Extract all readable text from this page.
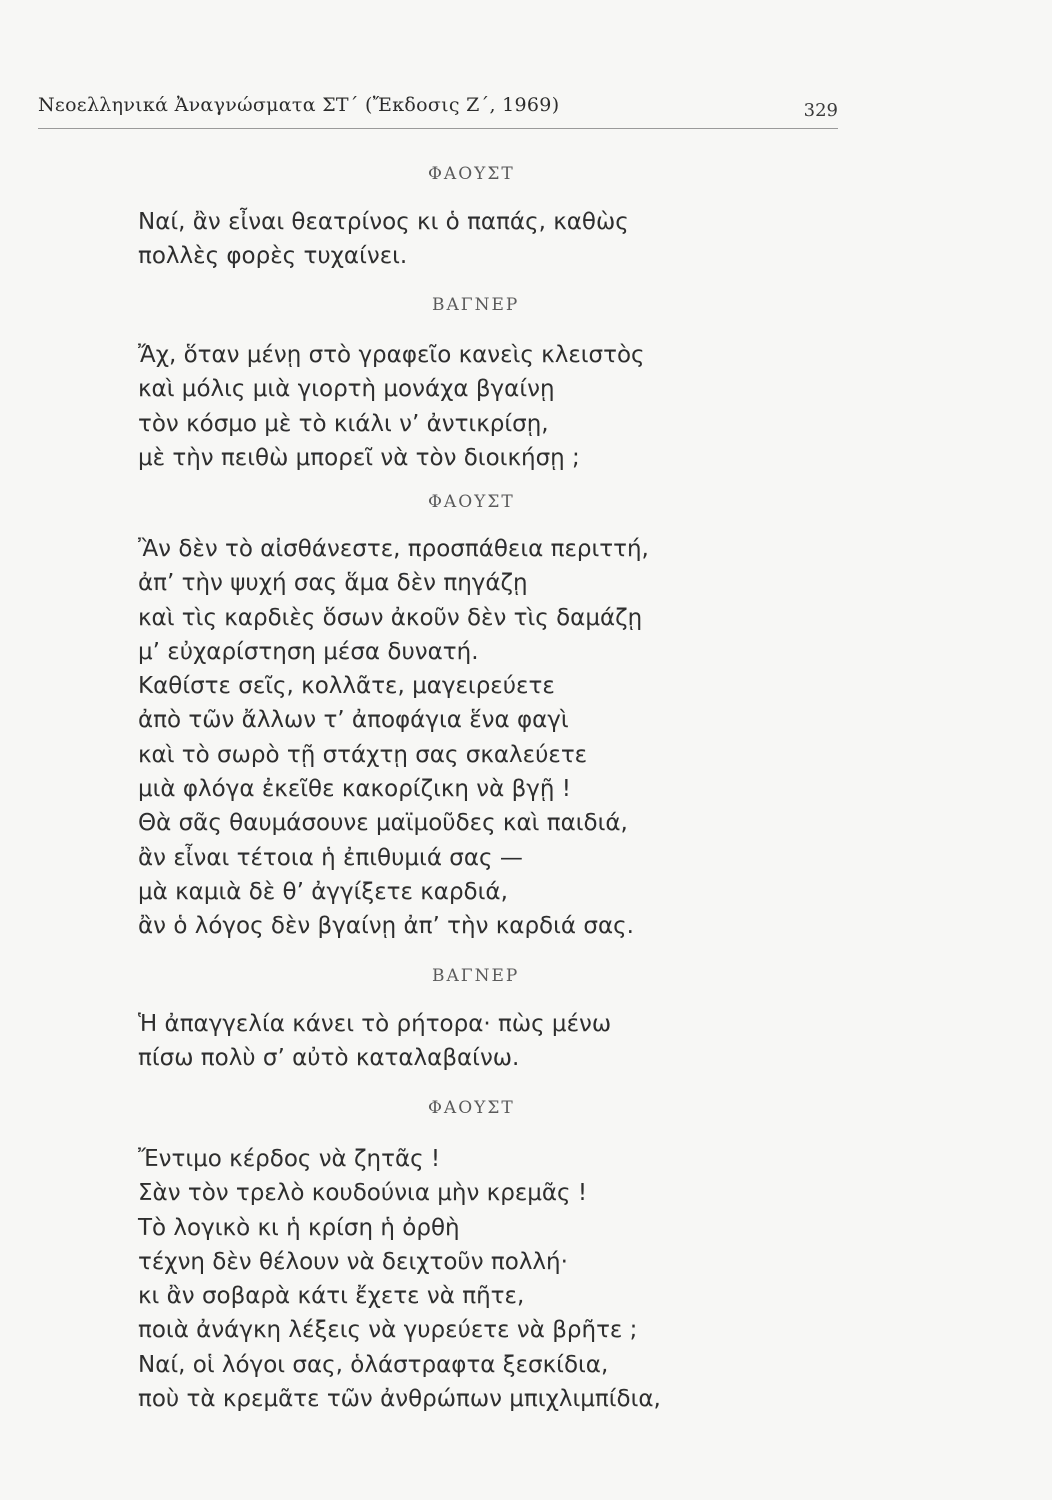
Νεοελληνικά Ἀναγνώσματα ΣΤ΄ (Ἔκδοσις Ζ΄, 1969)	329
ΦΑΟΥΣΤ
Ναί, ἂν εἶναι θεατρίνος κι ὁ παπάς, καθὼς
πολλὲς φορὲς τυχαίνει.
ΒΑΓΝΕΡ
Ἄχ, ὅταν μένῃ στὸ γραφεῖο κανεὶς κλειστὸς
καὶ μόλις μιὰ γιορτὴ μονάχα βγαίνῃ
τὸν κόσμο μὲ τὸ κιάλι ν’ ἀντικρίσῃ,
μὲ τὴν πειθὼ μπορεῖ νὰ τὸν διοικήσῃ ;
ΦΑΟΥΣΤ
Ἂν δὲν τὸ αἰσθάνεστε, προσπάθεια περιττή,
ἀπ’ τὴν ψυχή σας ἅμα δὲν πηγάζῃ
καὶ τὶς καρδιὲς ὅσων ἀκοῦν δὲν τὶς δαμάζῃ
μ’ εὐχαρίστηση μέσα δυνατή.
Καθίστε σεῖς, κολλᾶτε, μαγειρεύετε
ἀπὸ τῶν ἄλλων τ’ ἀποφάγια ἕνα φαγὶ
καὶ τὸ σωρὸ τῇ στάχτῃ σας σκαλεύετε
μιὰ φλόγα ἐκεῖθε κακορίζικη νὰ βγῇ !
Θὰ σᾶς θαυμάσουνε μαϊμοῦδες καὶ παιδιά,
ἂν εἶναι τέτοια ἡ ἐπιθυμιά σας —
μὰ καμιὰ δὲ θ’ ἀγγίξετε καρδιά,
ἂν ὁ λόγος δὲν βγαίνῃ ἀπ’ τὴν καρδιά σας.
ΒΑΓΝΕΡ
Ἡ ἀπαγγελία κάνει τὸ ρήτορα· πὼς μένω
πίσω πολὺ σ’ αὐτὸ καταλαβαίνω.
ΦΑΟΥΣΤ
Ἔντιμο κέρδος νὰ ζητᾶς !
Σὰν τὸν τρελὸ κουδούνια μὴν κρεμᾶς !
Τὸ λογικὸ κι ἡ κρίση ἡ ὀρθὴ
τέχνη δὲν θέλουν νὰ δειχτοῦν πολλή·
κι ἂν σοβαρὰ κάτι ἔχετε νὰ πῆτε,
ποιὰ ἀνάγκη λέξεις νὰ γυρεύετε νὰ βρῆτε ;
Ναί, οἱ λόγοι σας, ὁλάστραφτα ξεσκίδια,
ποὺ τὰ κρεμᾶτε τῶν ἀνθρώπων μπιχλιμπίδια,
